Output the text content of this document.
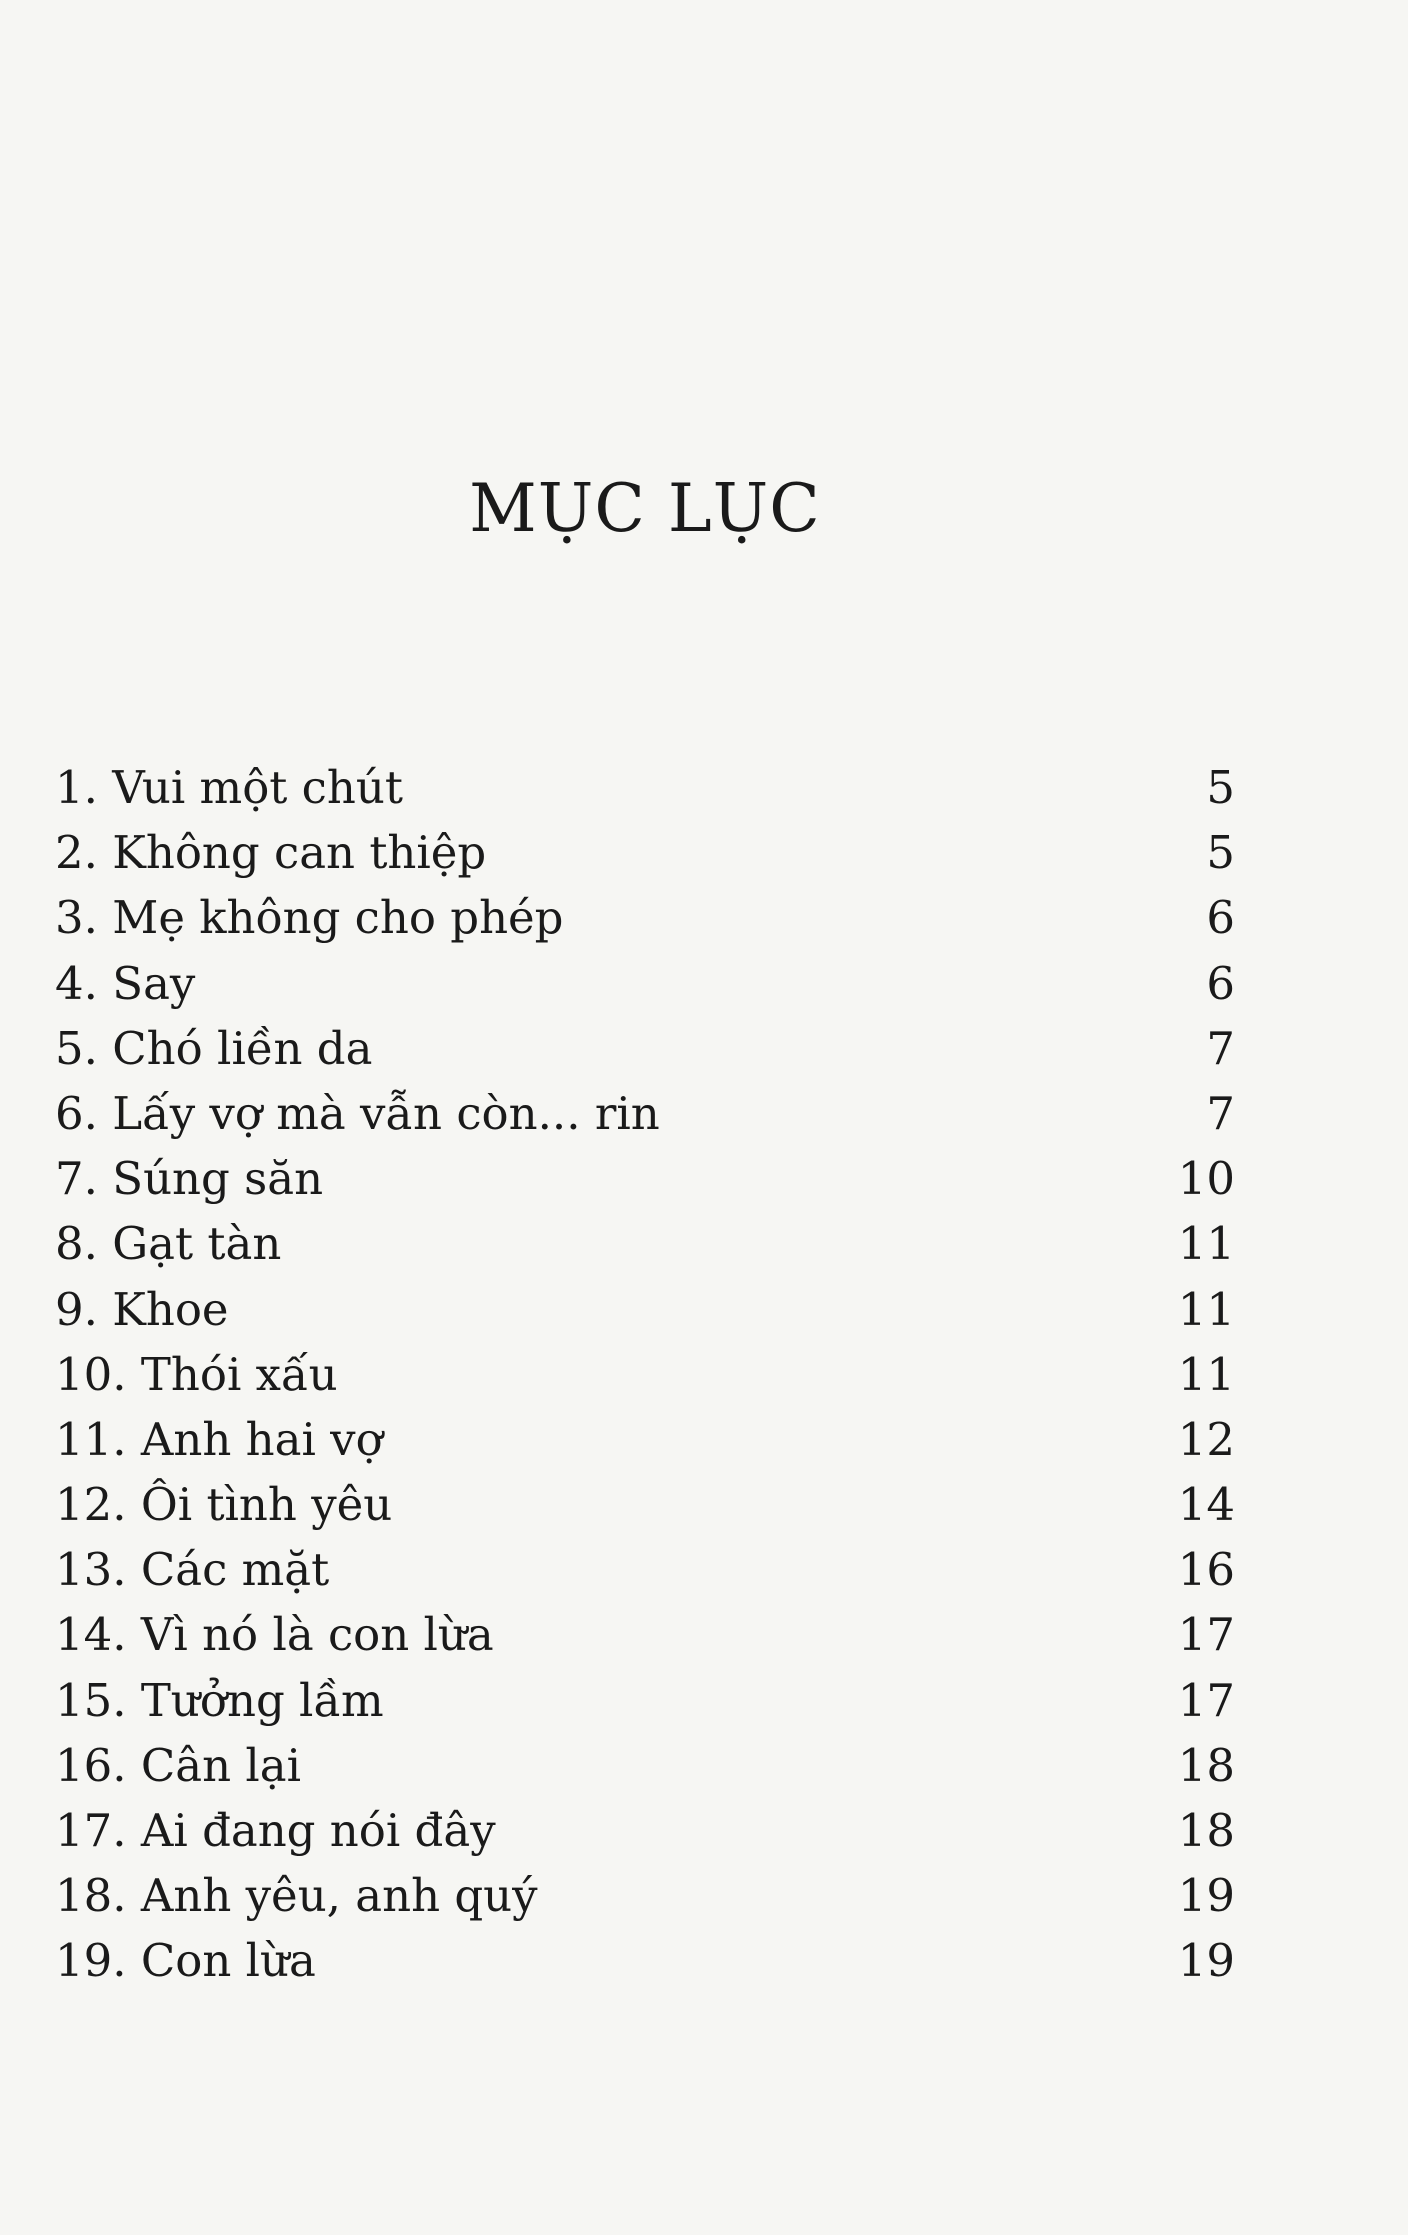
MỤC LỤC
1. Vui một chút	5
2. Không can thiệp	5
3. Mẹ không cho phép	6
4. Say	6
5. Chó liền da	7
6. Lấy vợ mà vẫn còn... rin	7
7. Súng săn	10
8. Gạt tàn	11
9. Khoe	11
10. Thói xấu	11
11. Anh hai vợ	12
12. Ôi tình yêu	14
13. Các mặt	16
14. Vì nó là con lừa	17
15. Tưởng lầm	17
16. Cân lại	18
17. Ai đang nói đây	18
18. Anh yêu, anh quý	19
19. Con lừa	19
